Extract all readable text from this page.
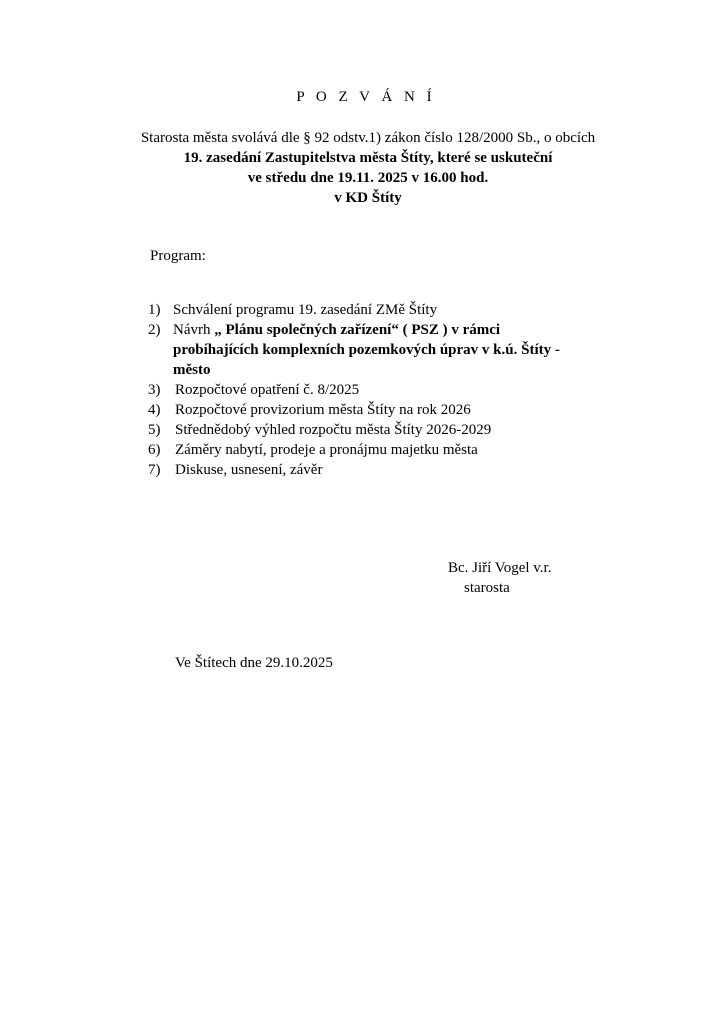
P O Z V Á N Í
Starosta města svolává dle § 92 odstv.1) zákon číslo 128/2000 Sb., o obcích
19. zasedání Zastupitelstva města Štíty, které se uskuteční
ve středu dne 19.11. 2025 v 16.00 hod.
v KD Štíty
Program:
1) Schválení programu 19. zasedání ZMě Štíty
2) Návrh „ Plánu společných zařízení“ ( PSZ ) v rámci
probíhajících komplexních pozemkových úprav v k.ú. Štíty -
město
3) Rozpočtové opatření č. 8/2025
4) Rozpočtové provizorium města Štíty na rok 2026
5) Střednědobý výhled rozpočtu města Štíty 2026-2029
6) Záměry nabytí, prodeje a pronájmu majetku města
7) Diskuse, usnesení, závěr
Bc. Jiří Vogel v.r.
starosta
Ve Štítech dne 29.10.2025
